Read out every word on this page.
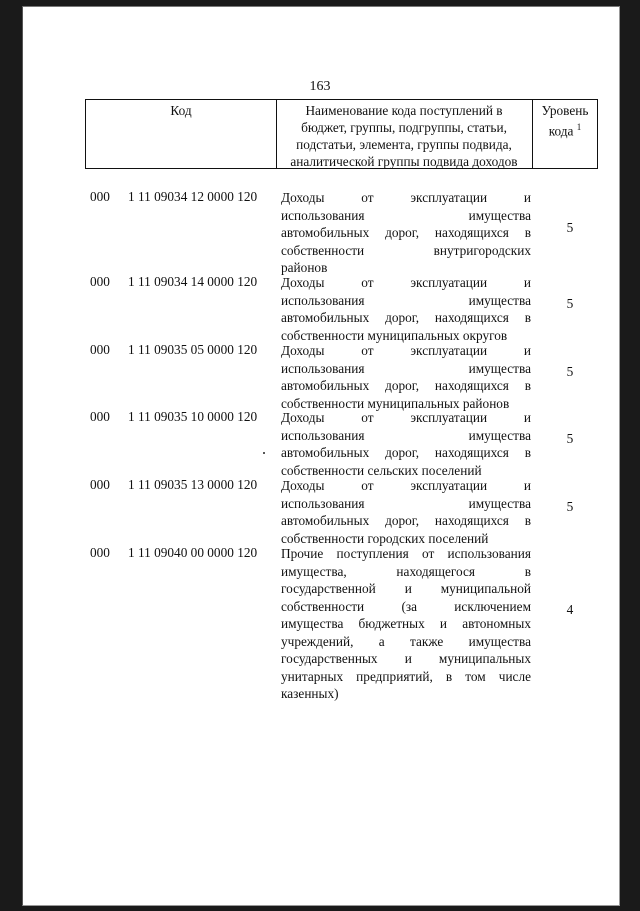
163
Код	Наименование кода поступлений в
бюджет, группы, подгруппы, статьи,
подстатьи, элемента, группы подвида,
аналитической группы подвида доходов
Уровень
кода $^1$
000 1 11 09034 12 0000 120 Доходы от эксплуатации и
использования имущества
автомобильных дорог, находящихся в
собственности внутригородских
районов
5
000 1 11 09034 14 0000 120 Доходы от эксплуатации и
использования имущества
автомобильных дорог, находящихся в
собственности муниципальных округов
5
000 1 11 09035 05 0000 120 Доходы от эксплуатации и
использования имущества
автомобильных дорог, находящихся в
собственности муниципальных районов
5
000 1 11 09035 10 0000 120 Доходы от эксплуатации и
использования имущества
автомобильных дорог, находящихся в
собственности сельских поселений
5
000 1 11 09035 13 0000 120 Доходы от эксплуатации и
использования имущества
автомобильных дорог, находящихся в
собственности городских поселений
5
000 1 11 09040 00 0000 120 Прочие поступления от использования
имущества, находящегося в
государственной и муниципальной
собственности (за исключением
имущества бюджетных и автономных
учреждений, а также имущества
государственных и муниципальных
унитарных предприятий, в том числе
казенных)
4
